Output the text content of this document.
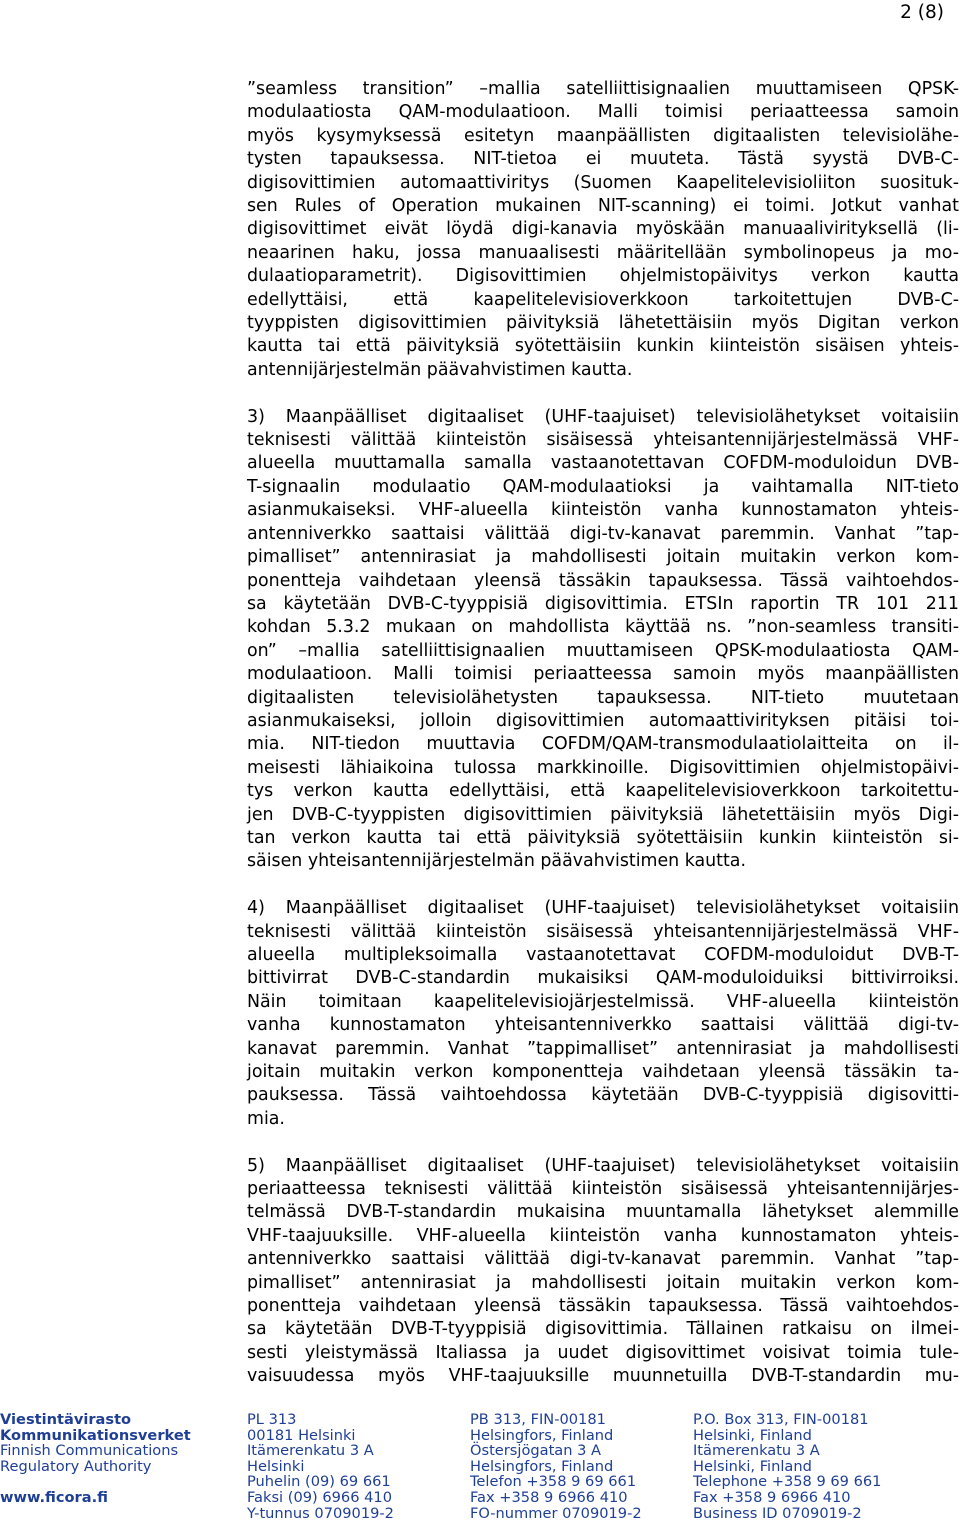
2 (8)
”seamless transition” –mallia satelliittisignaalien muuttamiseen QPSK-
modulaatiosta QAM-modulaatioon. Malli toimisi periaatteessa samoin
myös kysymyksessä esitetyn maanpäällisten digitaalisten televisiolähe-
tysten tapauksessa. NIT-tietoa ei muuteta. Tästä syystä DVB-C-
digisovittimien automaattiviritys (Suomen Kaapelitelevisioliiton suosituk-
sen Rules of Operation mukainen NIT-scanning) ei toimi. Jotkut vanhat
digisovittimet eivät löydä digi-kanavia myöskään manuaalivirityksellä (li-
neaarinen haku, jossa manuaalisesti määritellään symbolinopeus ja mo-
dulaatioparametrit). Digisovittimien ohjelmistopäivitys verkon kautta
edellyttäisi, että kaapelitelevisioverkkoon tarkoitettujen DVB-C-
tyyppisten digisovittimien päivityksiä lähetettäisiin myös Digitan verkon
kautta tai että päivityksiä syötettäisiin kunkin kiinteistön sisäisen yhteis-
antennijärjestelmän päävahvistimen kautta.
3) Maanpäälliset digitaaliset (UHF-taajuiset) televisiolähetykset voitaisiin
teknisesti välittää kiinteistön sisäisessä yhteisantennijärjestelmässä VHF-
alueella muuttamalla samalla vastaanotettavan COFDM-moduloidun DVB-
T-signaalin modulaatio QAM-modulaatioksi ja vaihtamalla NIT-tieto
asianmukaiseksi. VHF-alueella kiinteistön vanha kunnostamaton yhteis-
antenniverkko saattaisi välittää digi-tv-kanavat paremmin. Vanhat ”tap-
pimalliset” antennirasiat ja mahdollisesti joitain muitakin verkon kom-
ponentteja vaihdetaan yleensä tässäkin tapauksessa. Tässä vaihtoehdos-
sa käytetään DVB-C-tyyppisiä digisovittimia. ETSIn raportin TR 101 211
kohdan 5.3.2 mukaan on mahdollista käyttää ns. ”non-seamless transiti-
on” –mallia satelliittisignaalien muuttamiseen QPSK-modulaatiosta QAM-
modulaatioon. Malli toimisi periaatteessa samoin myös maanpäällisten
digitaalisten televisiolähetysten tapauksessa. NIT-tieto muutetaan
asianmukaiseksi, jolloin digisovittimien automaattivirityksen pitäisi toi-
mia. NIT-tiedon muuttavia COFDM/QAM-transmodulaatiolaitteita on il-
meisesti lähiaikoina tulossa markkinoille. Digisovittimien ohjelmistopäivi-
tys verkon kautta edellyttäisi, että kaapelitelevisioverkkoon tarkoitettu-
jen DVB-C-tyyppisten digisovittimien päivityksiä lähetettäisiin myös Digi-
tan verkon kautta tai että päivityksiä syötettäisiin kunkin kiinteistön si-
säisen yhteisantennijärjestelmän päävahvistimen kautta.
4) Maanpäälliset digitaaliset (UHF-taajuiset) televisiolähetykset voitaisiin
teknisesti välittää kiinteistön sisäisessä yhteisantennijärjestelmässä VHF-
alueella multipleksoimalla vastaanotettavat COFDM-moduloidut DVB-T-
bittivirrat DVB-C-standardin mukaisiksi QAM-moduloiduiksi bittivirroiksi.
Näin toimitaan kaapelitelevisiojärjestelmissä. VHF-alueella kiinteistön
vanha kunnostamaton yhteisantenniverkko saattaisi välittää digi-tv-
kanavat paremmin. Vanhat ”tappimalliset” antennirasiat ja mahdollisesti
joitain muitakin verkon komponentteja vaihdetaan yleensä tässäkin ta-
pauksessa. Tässä vaihtoehdossa käytetään DVB-C-tyyppisiä digisovitti-
mia.
5) Maanpäälliset digitaaliset (UHF-taajuiset) televisiolähetykset voitaisiin
periaatteessa teknisesti välittää kiinteistön sisäisessä yhteisantennijärjes-
telmässä DVB-T-standardin mukaisina muuntamalla lähetykset alemmille
VHF-taajuuksille. VHF-alueella kiinteistön vanha kunnostamaton yhteis-
antenniverkko saattaisi välittää digi-tv-kanavat paremmin. Vanhat ”tap-
pimalliset” antennirasiat ja mahdollisesti joitain muitakin verkon kom-
ponentteja vaihdetaan yleensä tässäkin tapauksessa. Tässä vaihtoehdos-
sa käytetään DVB-T-tyyppisiä digisovittimia. Tällainen ratkaisu on ilmei-
sesti yleistymässä Italiassa ja uudet digisovittimet voisivat toimia tule-
vaisuudessa myös VHF-taajuuksille muunnetuilla DVB-T-standardin mu-
Viestintävirasto
Kommunikationsverket
Finnish Communications
Regulatory Authority
www.ficora.fi
PL 313
00181 Helsinki
Itämerenkatu 3 A
Helsinki
Puhelin (09) 69 661
Faksi (09) 6966 410
Y-tunnus 0709019-2
PB 313, FIN-00181
Helsingfors, Finland
Östersjögatan 3 A
Helsingfors, Finland
Telefon +358 9 69 661
Fax +358 9 6966 410
FO-nummer 0709019-2
P.O. Box 313, FIN-00181
Helsinki, Finland
Itämerenkatu 3 A
Helsinki, Finland
Telephone +358 9 69 661
Fax +358 9 6966 410
Business ID 0709019-2
